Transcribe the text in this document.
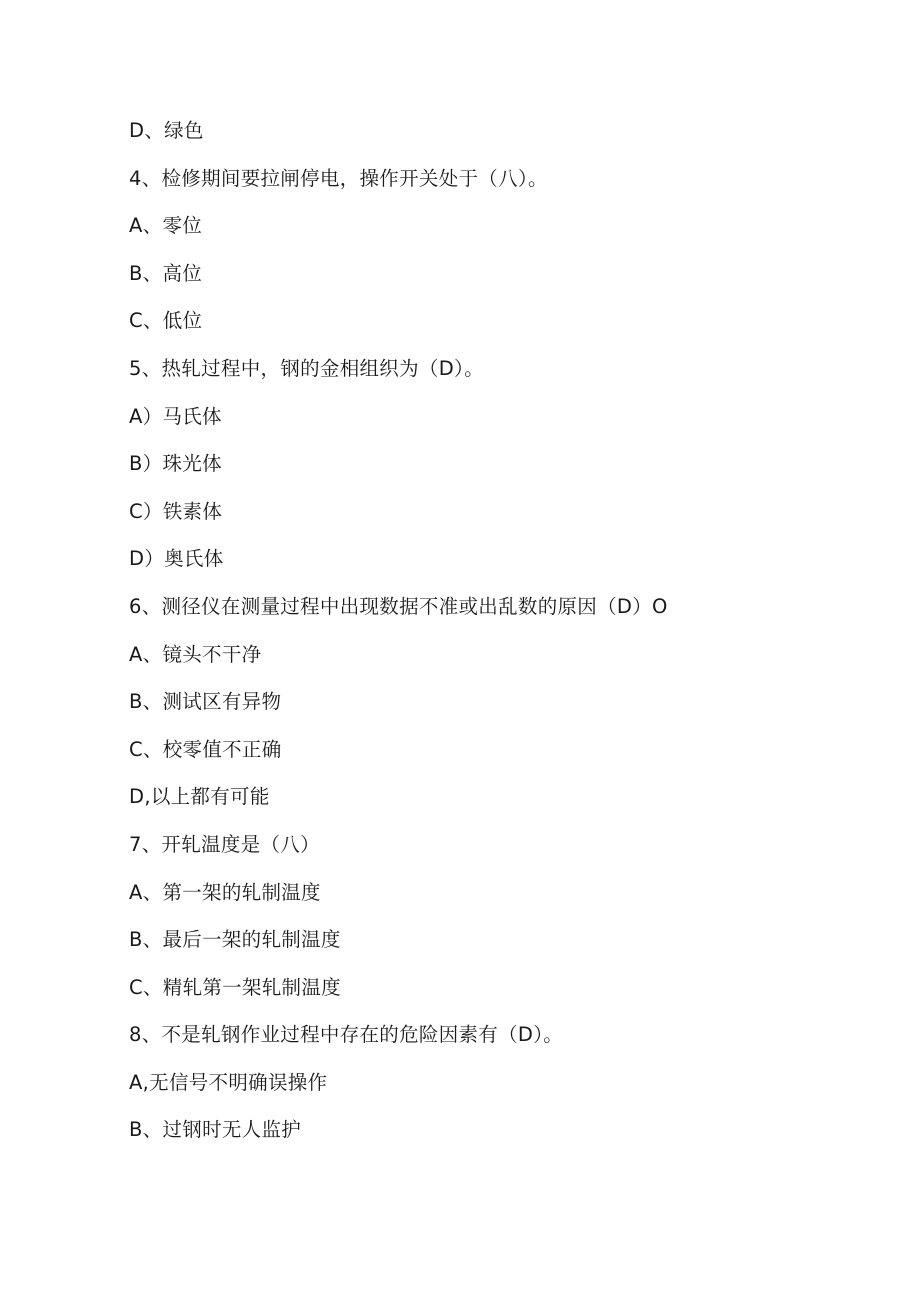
D、绿色
4、检修期间要拉闸停电，操作开关处于（八）。
A、零位
B、高位
C、低位
5、热轧过程中，钢的金相组织为（D）。
A）马氏体
B）珠光体
C）铁素体
D）奥氏体
6、测径仪在测量过程中出现数据不准或出乱数的原因（D）O
A、镜头不干净
B、测试区有异物
C、校零值不正确
D,以上都有可能
7、开轧温度是（八）
A、第一架的轧制温度
B、最后一架的轧制温度
C、精轧第一架轧制温度
8、不是轧钢作业过程中存在的危险因素有（D）。
A,无信号不明确误操作
B、过钢时无人监护
